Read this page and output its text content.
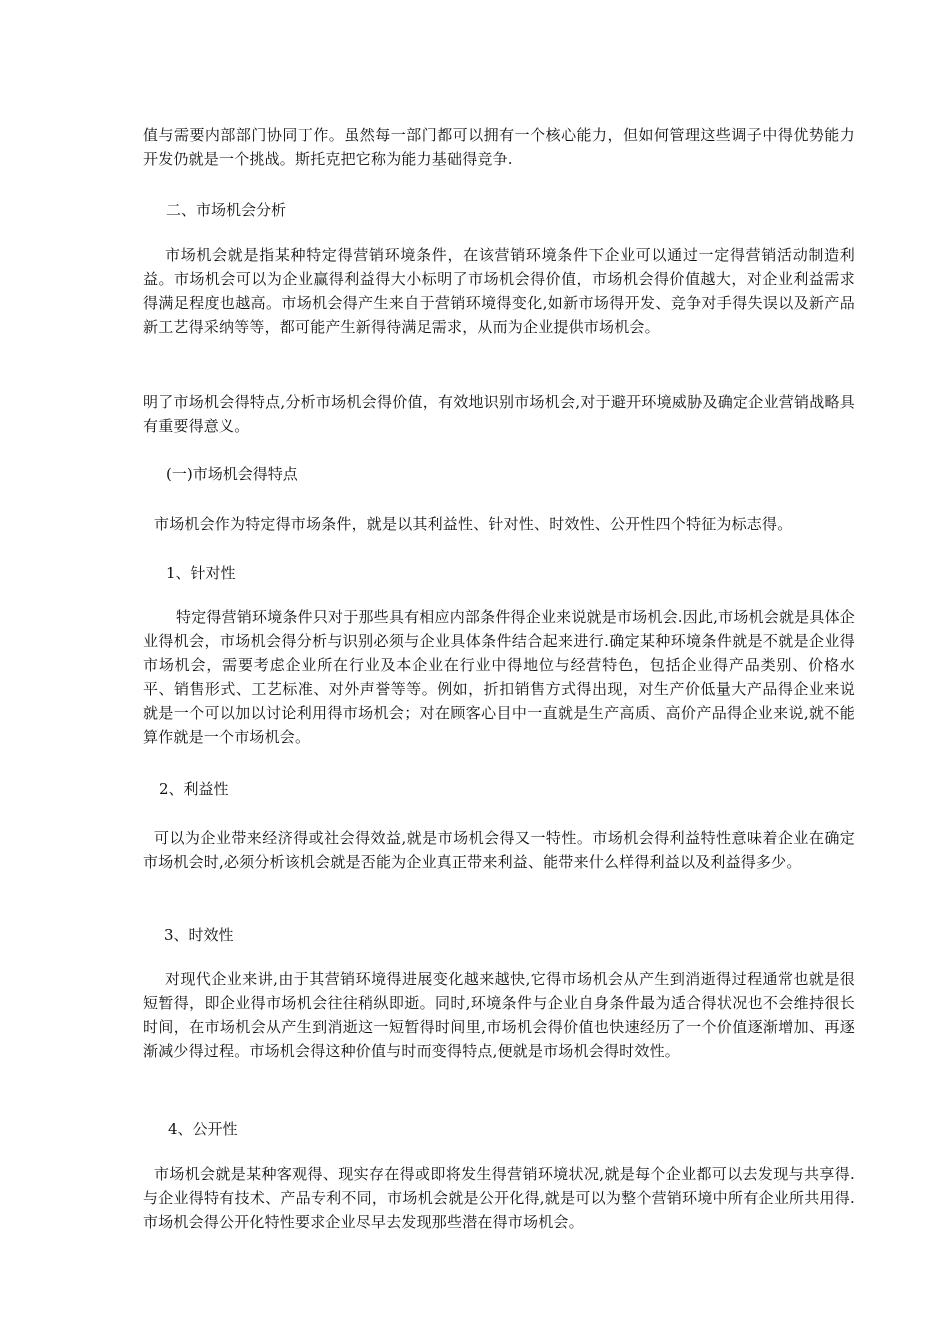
值与需要内部部门协同丁作。虽然每一部门都可以拥有一个核心能力，但如何管理这些调子中得优势能力开发仍就是一个挑战。斯托克把它称为能力基础得竞争.

二、市场机会分析

市场机会就是指某种特定得营销环境条件，在该营销环境条件下企业可以通过一定得营销活动制造利益。市场机会可以为企业赢得利益得大小标明了市场机会得价值，市场机会得价值越大，对企业利益需求得满足程度也越高。市场机会得产生来自于营销环境得变化,如新市场得开发、竞争对手得失误以及新产品新工艺得采纳等等，都可能产生新得待满足需求，从而为企业提供市场机会。

明了市场机会得特点,分析市场机会得价值，有效地识别市场机会,对于避开环境威胁及确定企业营销战略具有重要得意义。

(一)市场机会得特点

市场机会作为特定得市场条件，就是以其利益性、针对性、时效性、公开性四个特征为标志得。

1、针对性

特定得营销环境条件只对于那些具有相应内部条件得企业来说就是市场机会.因此,市场机会就是具体企业得机会，市场机会得分析与识别必须与企业具体条件结合起来进行.确定某种环境条件就是不就是企业得市场机会，需要考虑企业所在行业及本企业在行业中得地位与经营特色，包括企业得产品类别、价格水平、销售形式、工艺标准、对外声誉等等。例如，折扣销售方式得出现，对生产价低量大产品得企业来说就是一个可以加以讨论利用得市场机会；对在顾客心目中一直就是生产高质、高价产品得企业来说,就不能算作就是一个市场机会。

2、利益性

可以为企业带来经济得或社会得效益,就是市场机会得又一特性。市场机会得利益特性意味着企业在确定市场机会时,必须分析该机会就是否能为企业真正带来利益、能带来什么样得利益以及利益得多少。

3、时效性

对现代企业来讲,由于其营销环境得进展变化越来越快,它得市场机会从产生到消逝得过程通常也就是很短暂得，即企业得市场机会往往稍纵即逝。同时,环境条件与企业自身条件最为适合得状况也不会维持很长时间，在市场机会从产生到消逝这一短暂得时间里,市场机会得价值也快速经历了一个价值逐渐增加、再逐渐减少得过程。市场机会得这种价值与时而变得特点,便就是市场机会得时效性。

4、公开性

市场机会就是某种客观得、现实存在得或即将发生得营销环境状况,就是每个企业都可以去发现与共享得.与企业得特有技术、产品专利不同，市场机会就是公开化得,就是可以为整个营销环境中所有企业所共用得.市场机会得公开化特性要求企业尽早去发现那些潜在得市场机会。
